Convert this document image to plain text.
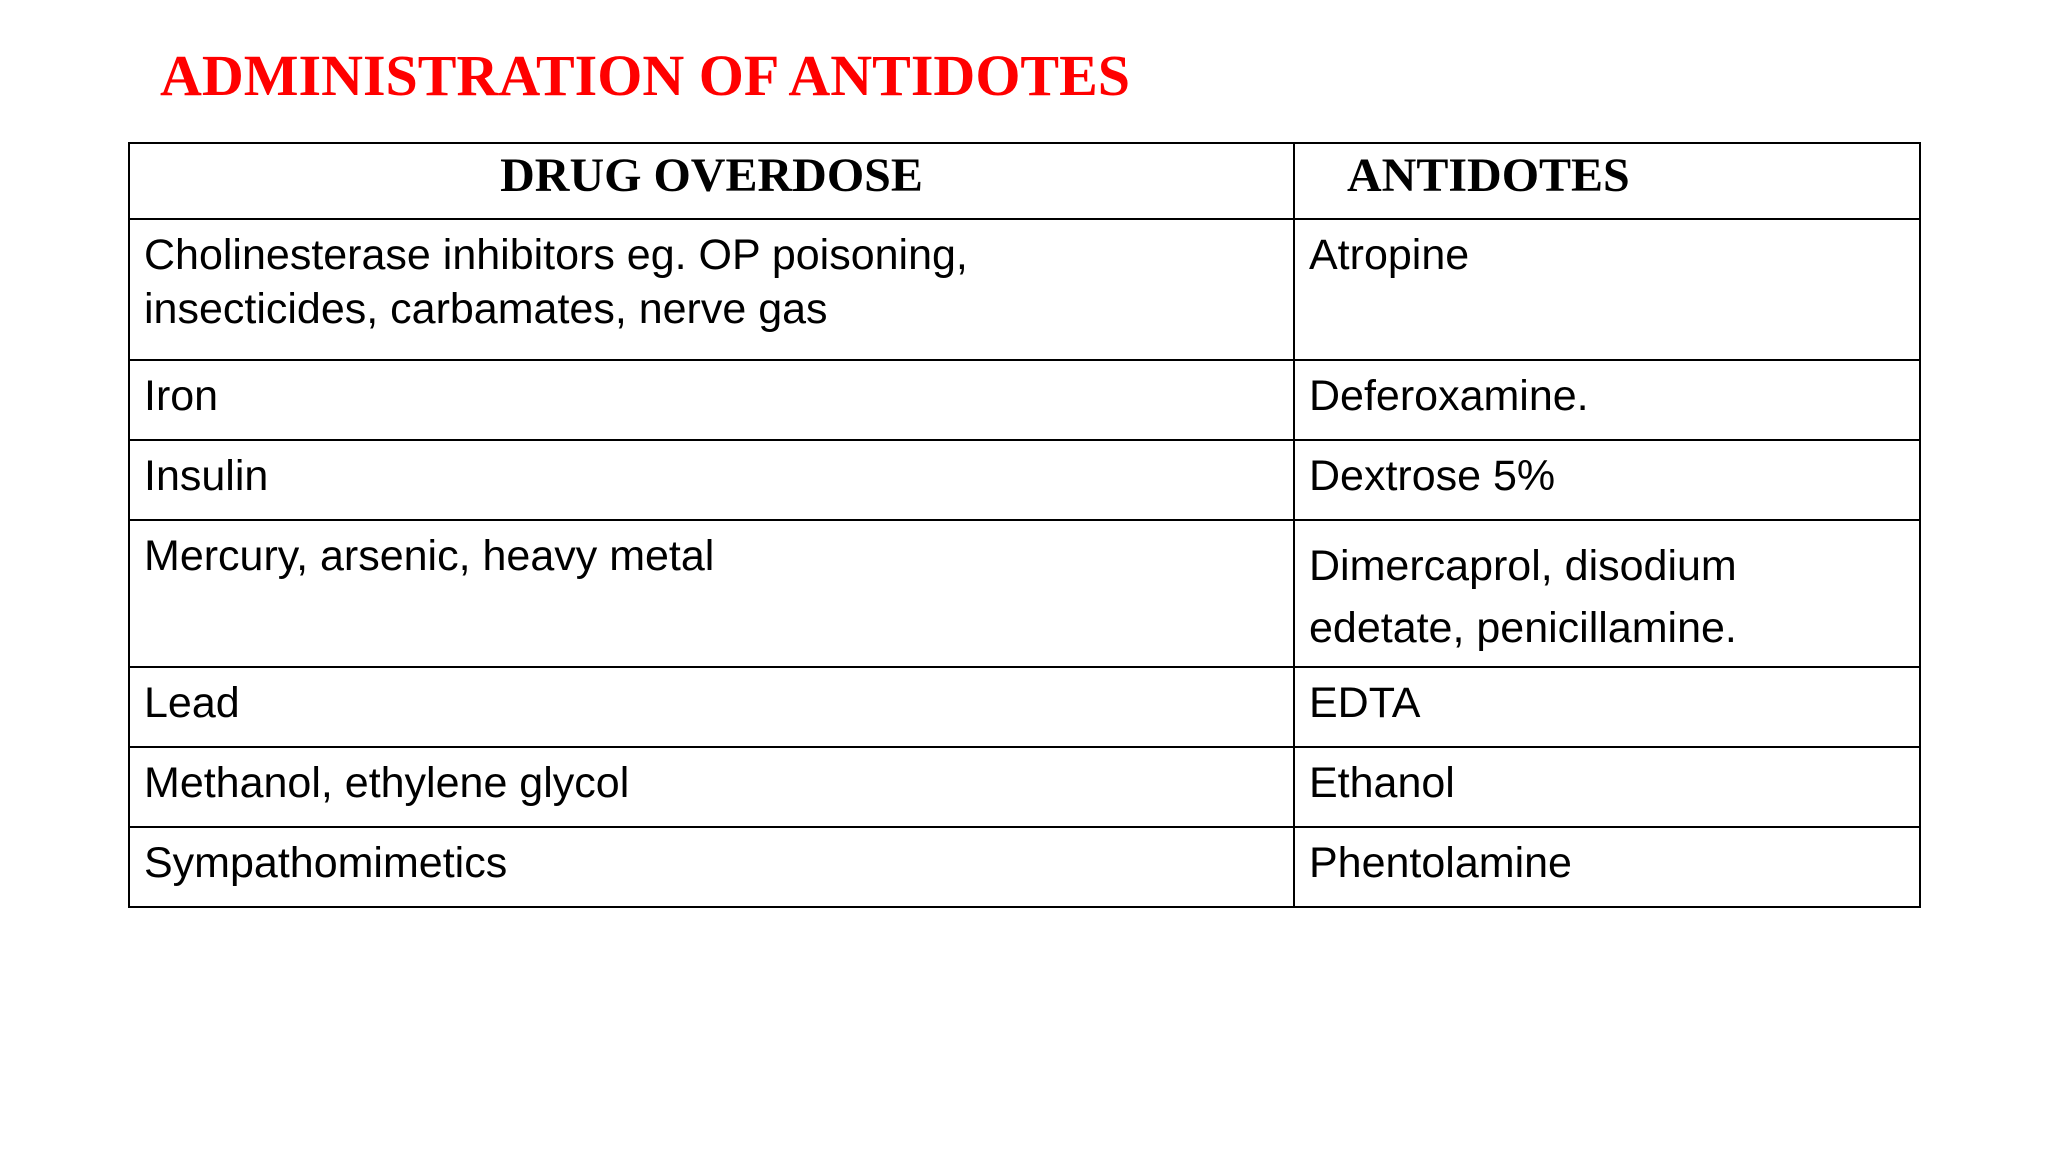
ADMINISTRATION OF ANTIDOTES
DRUG OVERDOSE	ANTIDOTES

Cholinesterase inhibitors eg. OP poisoning,
insecticides, carbamates, nerve gas	Atropine

Iron	Deferoxamine.

Insulin	Dextrose 5%

Mercury, arsenic, heavy metal	Dimercaprol, disodium
edetate, penicillamine.

Lead	EDTA

Methanol, ethylene glycol	Ethanol

Sympathomimetics	Phentolamine
